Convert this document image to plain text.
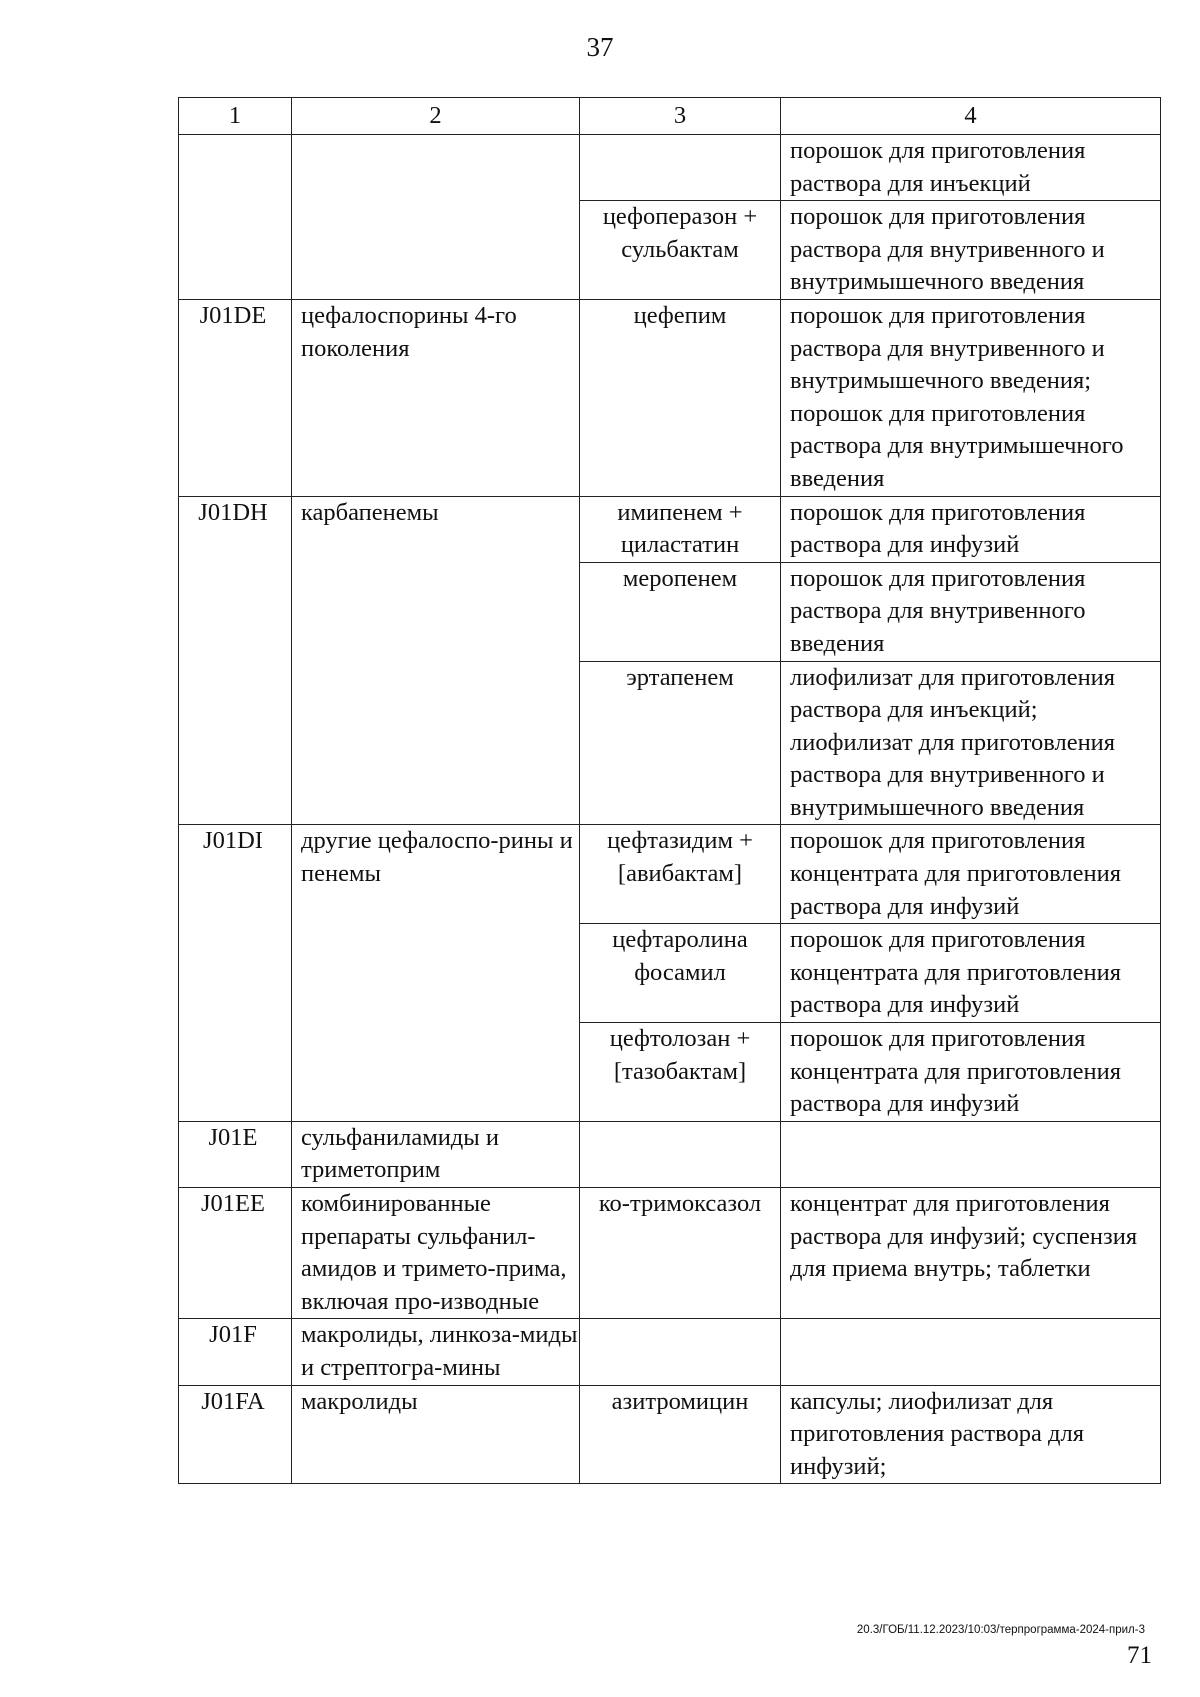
37
1	2	3	4
			порошок для приготовления раствора для инъекций
		цефоперазон + сульбактам	порошок для приготовления раствора для внутривенного и внутримышечного введения
J01DE	цефалоспорины 4-го поколения	цефепим	порошок для приготовления раствора для внутривенного и внутримышечного введения; порошок для приготовления раствора для внутримышечного введения
J01DH	карбапенемы	имипенем + циластатин	порошок для приготовления раствора для инфузий
		меропенем	порошок для приготовления раствора для внутривенного введения
		эртапенем	лиофилизат для приготовления раствора для инъекций; лиофилизат для приготовления раствора для внутривенного и внутримышечного введения
J01DI	другие цефалоспо-рины и пенемы	цефтазидим + [авибактам]	порошок для приготовления концентрата для приготовления раствора для инфузий
		цефтаролина фосамил	порошок для приготовления концентрата для приготовления раствора для инфузий
		цефтолозан + [тазобактам]	порошок для приготовления концентрата для приготовления раствора для инфузий
J01E	сульфаниламиды и триметоприм		
J01EE	комбинированные препараты сульфанил-амидов и тримето-прима, включая про-изводные	ко-тримоксазол	концентрат для приготовления раствора для инфузий; суспензия для приема внутрь; таблетки
J01F	макролиды, линкоза-миды и стрептогра-мины		
J01FA	макролиды	азитромицин	капсулы; лиофилизат для приготовления раствора для инфузий;
20.3/ГОБ/11.12.2023/10:03/терпрограмма-2024-прил-3
71
